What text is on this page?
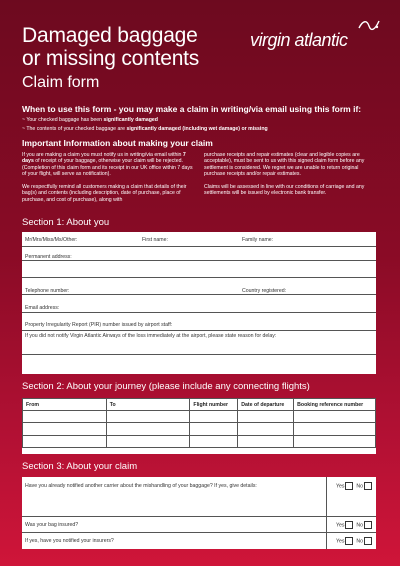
Damaged baggage
or missing contents
Claim form
virgin atlantic
When to use this form - you may make a claim in writing/via email using this form if:
~ Your checked baggage has been significantly damaged
~ The contents of your checked baggage are significantly damaged (including wet damage) or missing
Important Information about making your claim
If you are making a claim you must notify us in writing/via email within 7 days of receipt of your baggage, otherwise your claim will be rejected. (Completion of this claim form and its receipt in our UK office within 7 days of your flight, will serve as notification).
We respectfully remind all customers making a claim that details of their bag(s) and contents (including description, date of purchase, place of purchase, and cost of purchase), along with
purchase receipts and repair estimates (clear and legible copies are acceptable), must be sent to us with this signed claim form before any settlement is considered. We regret we are unable to return original purchase receipts and/or repair estimates.
Claims will be assessed in line with our conditions of carriage and any settlements will be issued by electronic bank transfer.
Section 1: About you
Mr/Mrs/Miss/Ms/Other:	First name:	Family name:
Permanent address:
Telephone number:	Country registered:
Email address:
Property Irregularity Report (PIR) number issued by airport staff:
If you did not notify Virgin Atlantic Airways of the loss immediately at the airport, please state reason for delay:
Section 2: About your journey (please include any connecting flights)
From	To	Flight number	Date of departure	Booking reference number

Section 3: About your claim
Have you already notified another carrier about the mishandling of your baggage? If yes, give details:	Yes No
Was your bag insured?	Yes No
If yes, have you notified your insurers?	Yes No
